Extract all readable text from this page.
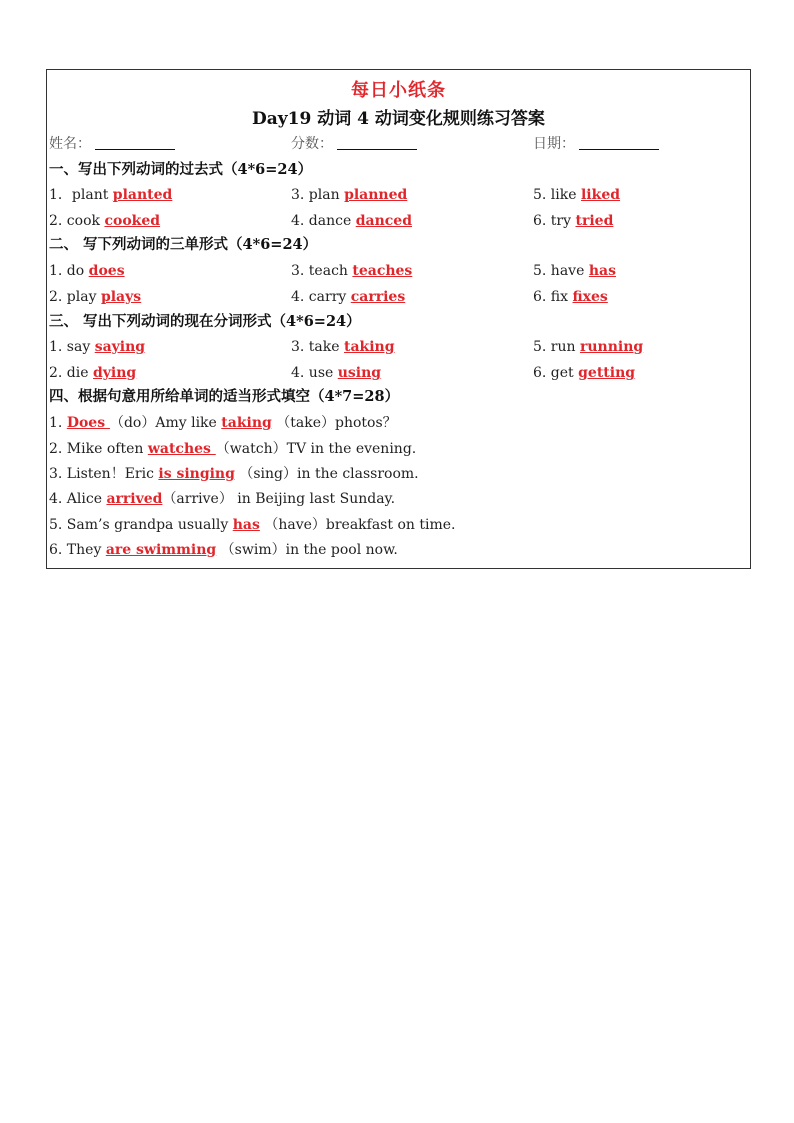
每日小纸条
Day19 动词 4 动词变化规则练习答案
姓名：	分数：	日期：
一、写出下列动词的过去式（4*6=24）
1．plant planted	3. plan planned	5. like liked
2. cook cooked	4. dance danced	6. try tried
二、 写下列动词的三单形式（4*6=24）
1. do does	3. teach teaches	5. have has
2. play plays	4. carry carries	6. fix fixes
三、 写出下列动词的现在分词形式（4*6=24）
1. say saying	3. take taking	5. run running
2. die dying	4. use using	6. get getting
四、根据句意用所给单词的适当形式填空（4*7=28）
1. Does （do）Amy like taking （take）photos？
2. Mike often watches （watch）TV in the evening.
3. Listen！Eric is singing （sing）in the classroom.
4. Alice arrived（arrive） in Beijing last Sunday.
5. Sam’s grandpa usually has （have）breakfast on time.
6. They are swimming （swim）in the pool now.
